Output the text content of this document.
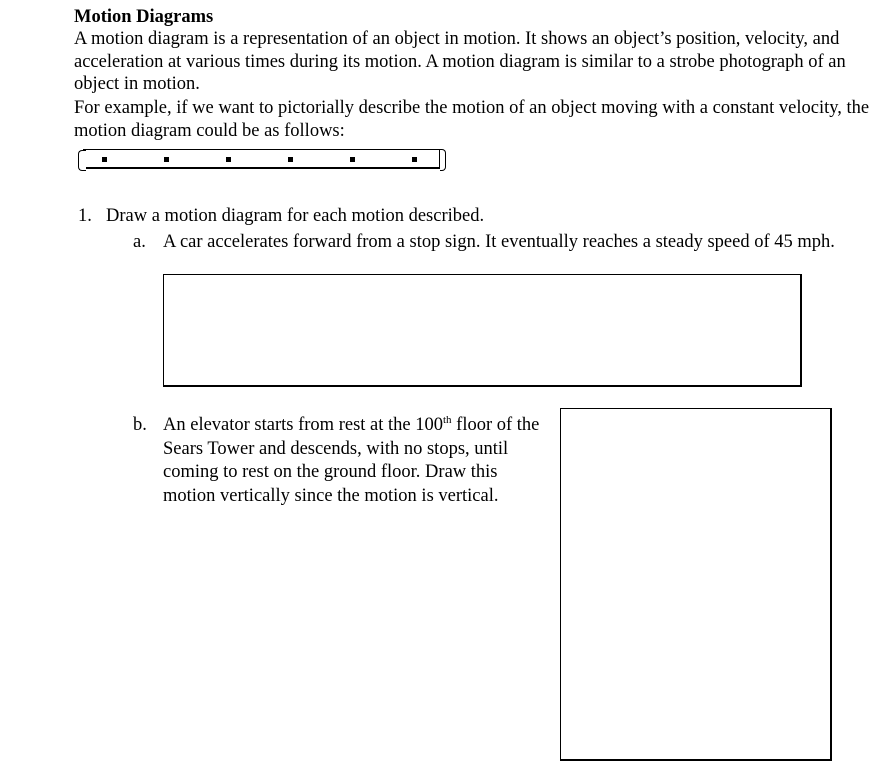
Motion Diagrams

A motion diagram is a representation of an object in motion. It shows an object’s position, velocity, and acceleration at various times during its motion. A motion diagram is similar to a strobe photograph of an object in motion.

For example, if we want to pictorially describe the motion of an object moving with a constant velocity, the motion diagram could be as follows:

1. Draw a motion diagram for each motion described.

a. A car accelerates forward from a stop sign. It eventually reaches a steady speed of 45 mph.

b. An elevator starts from rest at the 100th floor of the Sears Tower and descends, with no stops, until coming to rest on the ground floor. Draw this motion vertically since the motion is vertical.
